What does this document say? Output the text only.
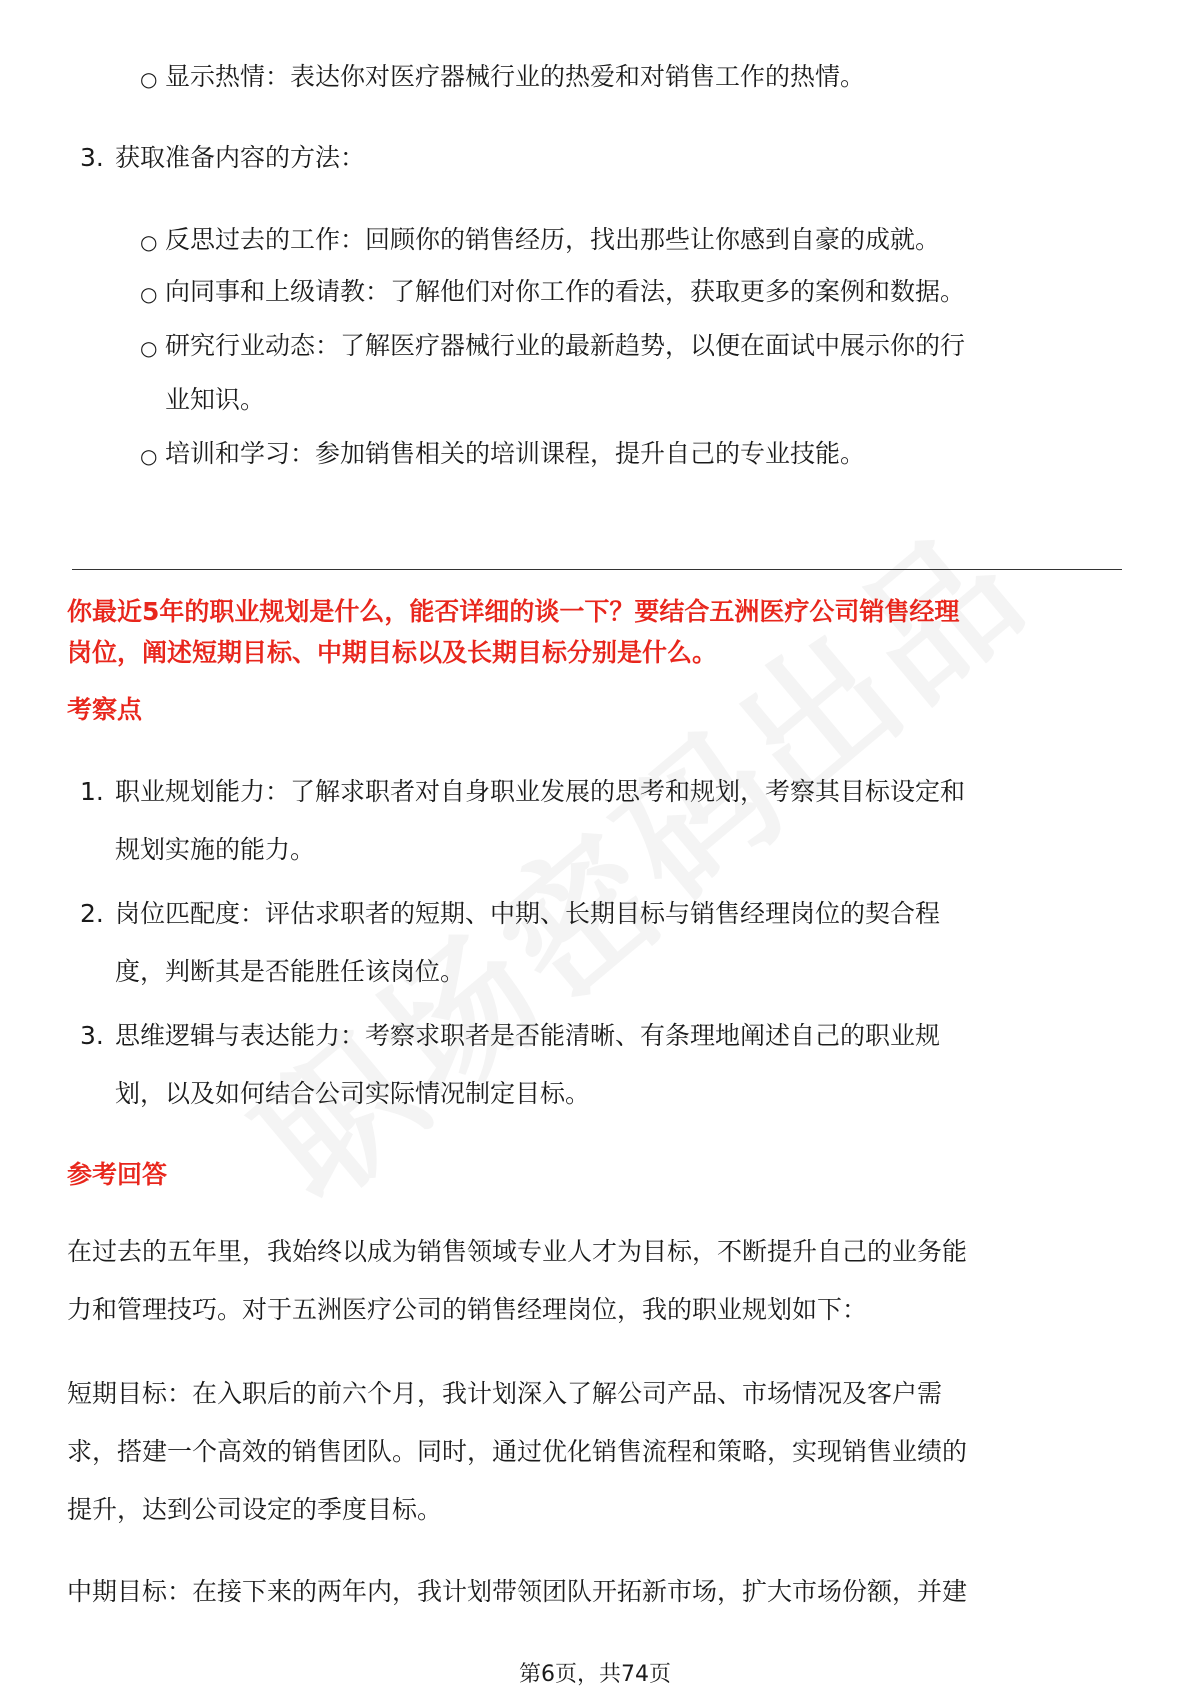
○ 显示热情：表达你对医疗器械行业的热爱和对销售工作的热情。
3. 获取准备内容的方法：
○ 反思过去的工作：回顾你的销售经历，找出那些让你感到自豪的成就。
○ 向同事和上级请教：了解他们对你工作的看法，获取更多的案例和数据。
○ 研究行业动态：了解医疗器械行业的最新趋势，以便在面试中展示你的行
业知识。
○ 培训和学习：参加销售相关的培训课程，提升自己的专业技能。
你最近5年的职业规划是什么，能否详细的谈一下？要结合五洲医疗公司销售经理
岗位，阐述短期目标、中期目标以及长期目标分别是什么。
考察点
1. 职业规划能力：了解求职者对自身职业发展的思考和规划，考察其目标设定和
规划实施的能力。
2. 岗位匹配度：评估求职者的短期、中期、长期目标与销售经理岗位的契合程
度，判断其是否能胜任该岗位。
3. 思维逻辑与表达能力：考察求职者是否能清晰、有条理地阐述自己的职业规
划，以及如何结合公司实际情况制定目标。
参考回答
在过去的五年里，我始终以成为销售领域专业人才为目标，不断提升自己的业务能
力和管理技巧。对于五洲医疗公司的销售经理岗位，我的职业规划如下：
短期目标：在入职后的前六个月，我计划深入了解公司产品、市场情况及客户需
求，搭建一个高效的销售团队。同时，通过优化销售流程和策略，实现销售业绩的
提升，达到公司设定的季度目标。
中期目标：在接下来的两年内，我计划带领团队开拓新市场，扩大市场份额，并建
第6页，共74页
